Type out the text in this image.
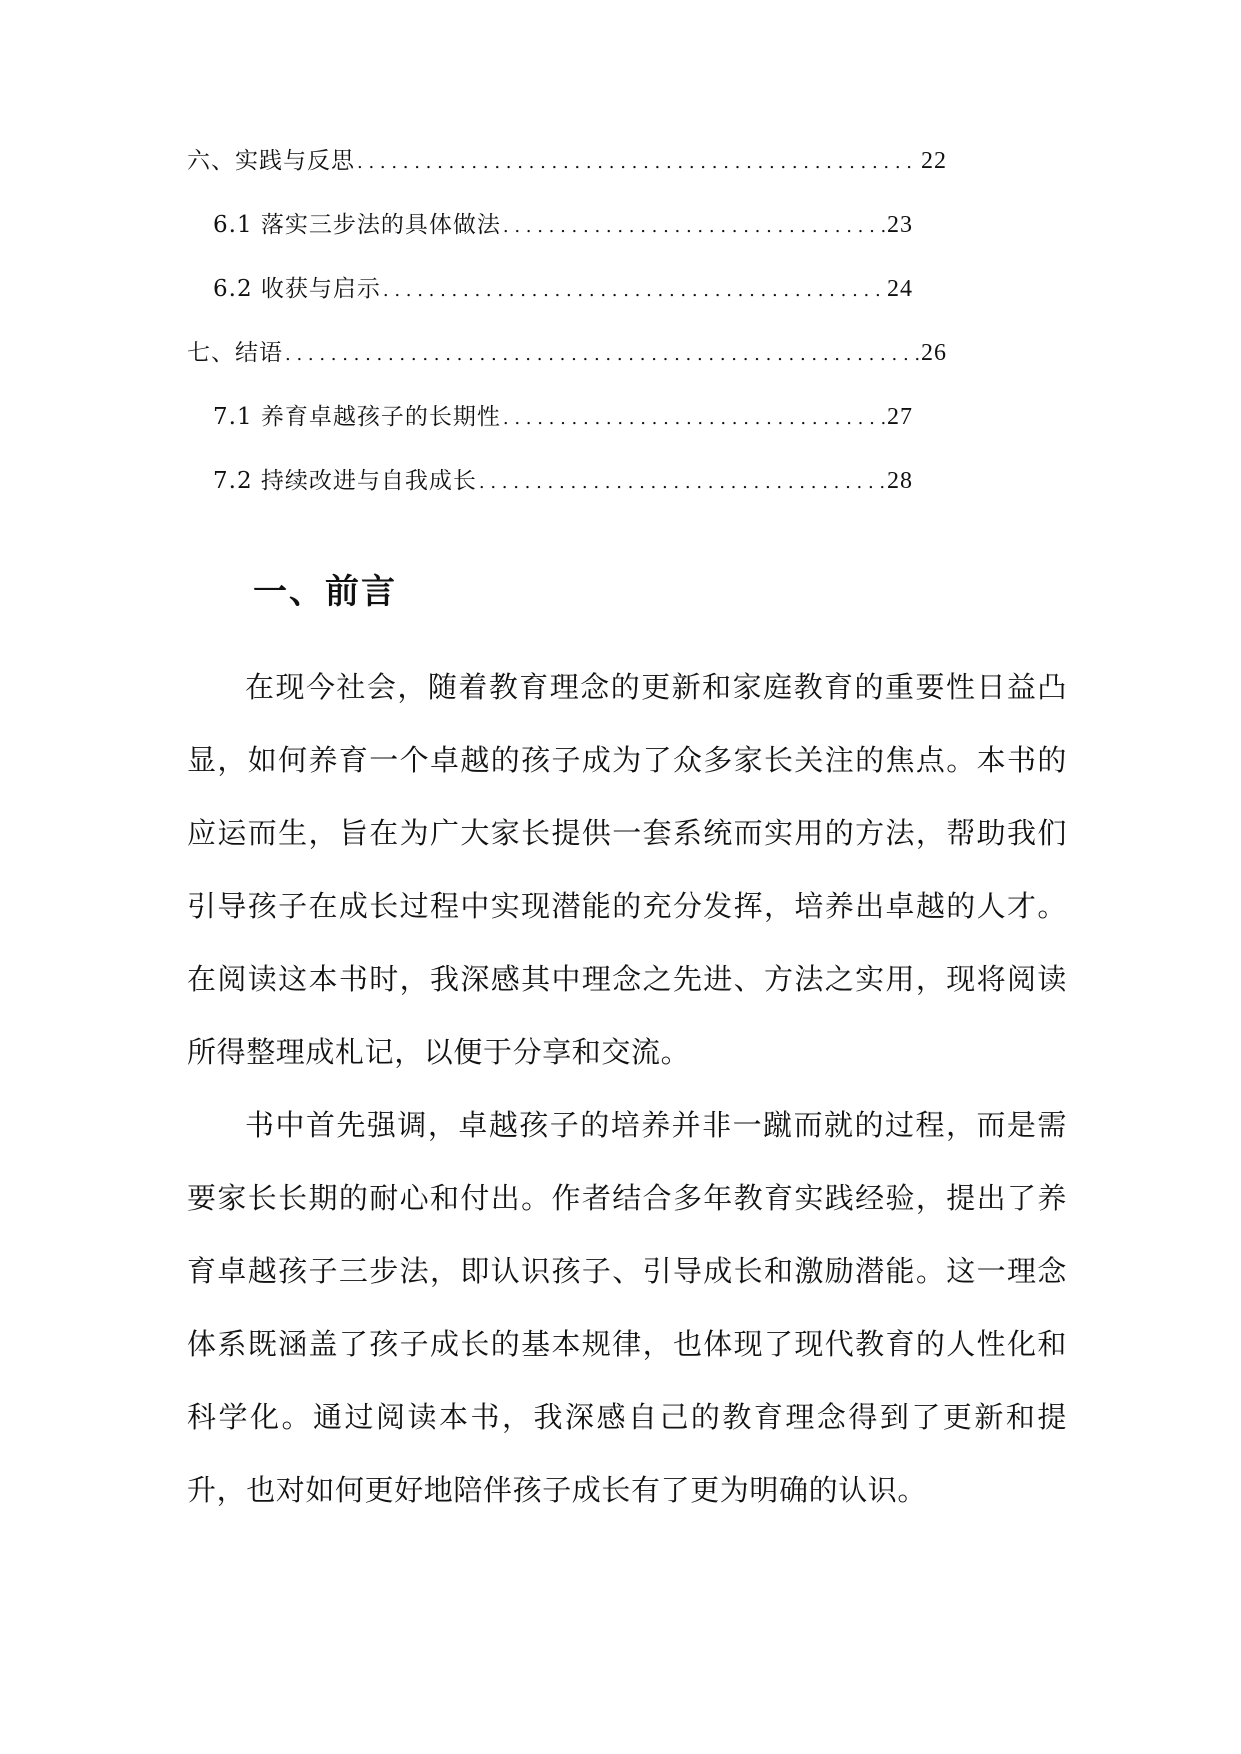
六、实践与反思 . . .	22
6.1 落实三步法的具体做法 . . .	23
6.2 收获与启示 . . .	24
七、结语 . . .	26
7.1 养育卓越孩子的长期性 . . .	27
7.2 持续改进与自我成长 . . .	28
一、前言

在现今社会，随着教育理念的更新和家庭教育的重要性日益凸显，如何养育一个卓越的孩子成为了众多家长关注的焦点。本书的应运而生，旨在为广大家长提供一套系统而实用的方法，帮助我们引导孩子在成长过程中实现潜能的充分发挥，培养出卓越的人才。在阅读这本书时，我深感其中理念之先进、方法之实用，现将阅读所得整理成札记，以便于分享和交流。

书中首先强调，卓越孩子的培养并非一蹴而就的过程，而是需要家长长期的耐心和付出。作者结合多年教育实践经验，提出了养育卓越孩子三步法，即认识孩子、引导成长和激励潜能。这一理念体系既涵盖了孩子成长的基本规律，也体现了现代教育的人性化和科学化。通过阅读本书，我深感自己的教育理念得到了更新和提升，也对如何更好地陪伴孩子成长有了更为明确的认识。
